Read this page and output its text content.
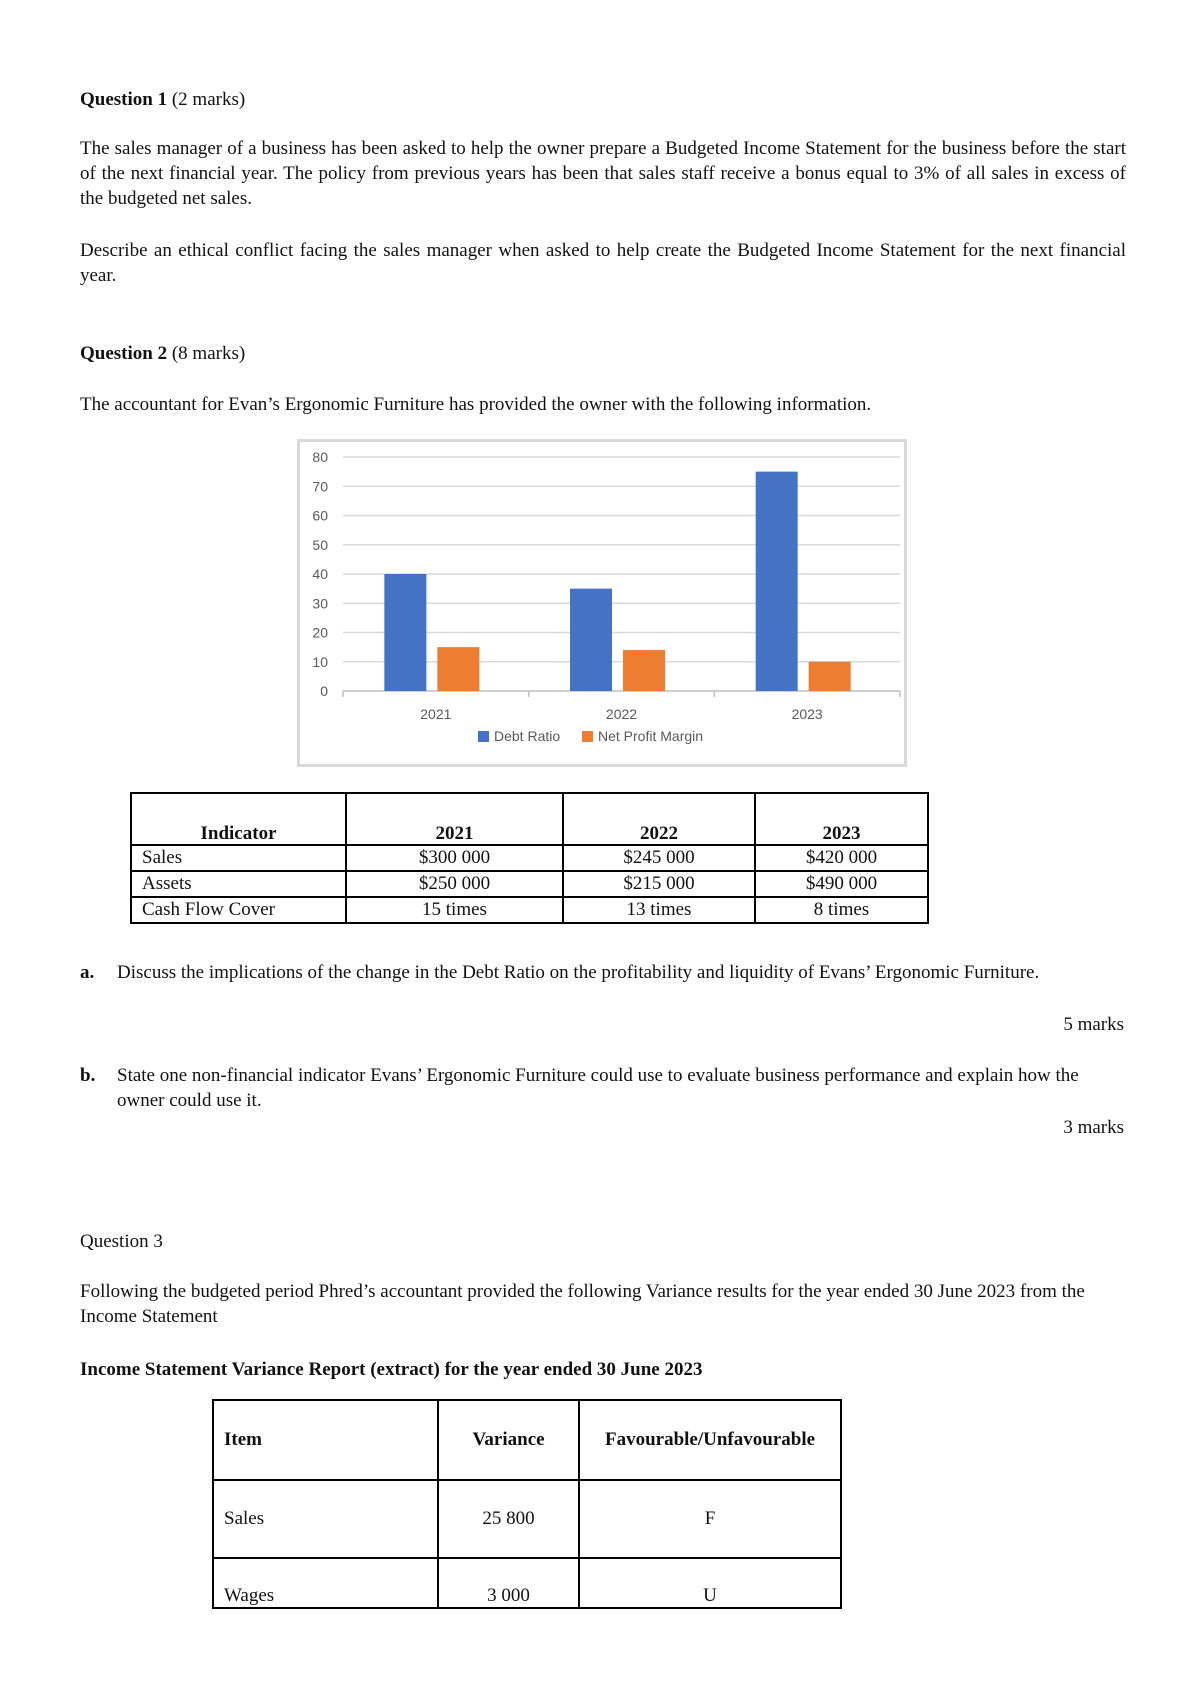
Question 1 (2 marks)
The sales manager of a business has been asked to help the owner prepare a Budgeted Income Statement for the business before the start of the next financial year. The policy from previous years has been that sales staff receive a bonus equal to 3% of all sales in excess of the budgeted net sales.
Describe an ethical conflict facing the sales manager when asked to help create the Budgeted Income Statement for the next financial year.
Question 2 (8 marks)
The accountant for Evan’s Ergonomic Furniture has provided the owner with the following information.
0
10
20
30
40
50
60
70
80
2021	2022	2023
Debt Ratio	Net Profit Margin
Indicator	2021	2022	2023
Sales	$300 000	$245 000	$420 000
Assets	$250 000	$215 000	$490 000
Cash Flow Cover	15 times	13 times	8 times
a. Discuss the implications of the change in the Debt Ratio on the profitability and liquidity of Evans’ Ergonomic Furniture.
5 marks
b. State one non-financial indicator Evans’ Ergonomic Furniture could use to evaluate business performance and explain how the owner could use it.
3 marks
Question 3
Following the budgeted period Phred’s accountant provided the following Variance results for the year ended 30 June 2023 from the Income Statement
Income Statement Variance Report (extract) for the year ended 30 June 2023
Item	Variance	Favourable/Unfavourable
Sales	25 800	F
Wages	3 000	U
